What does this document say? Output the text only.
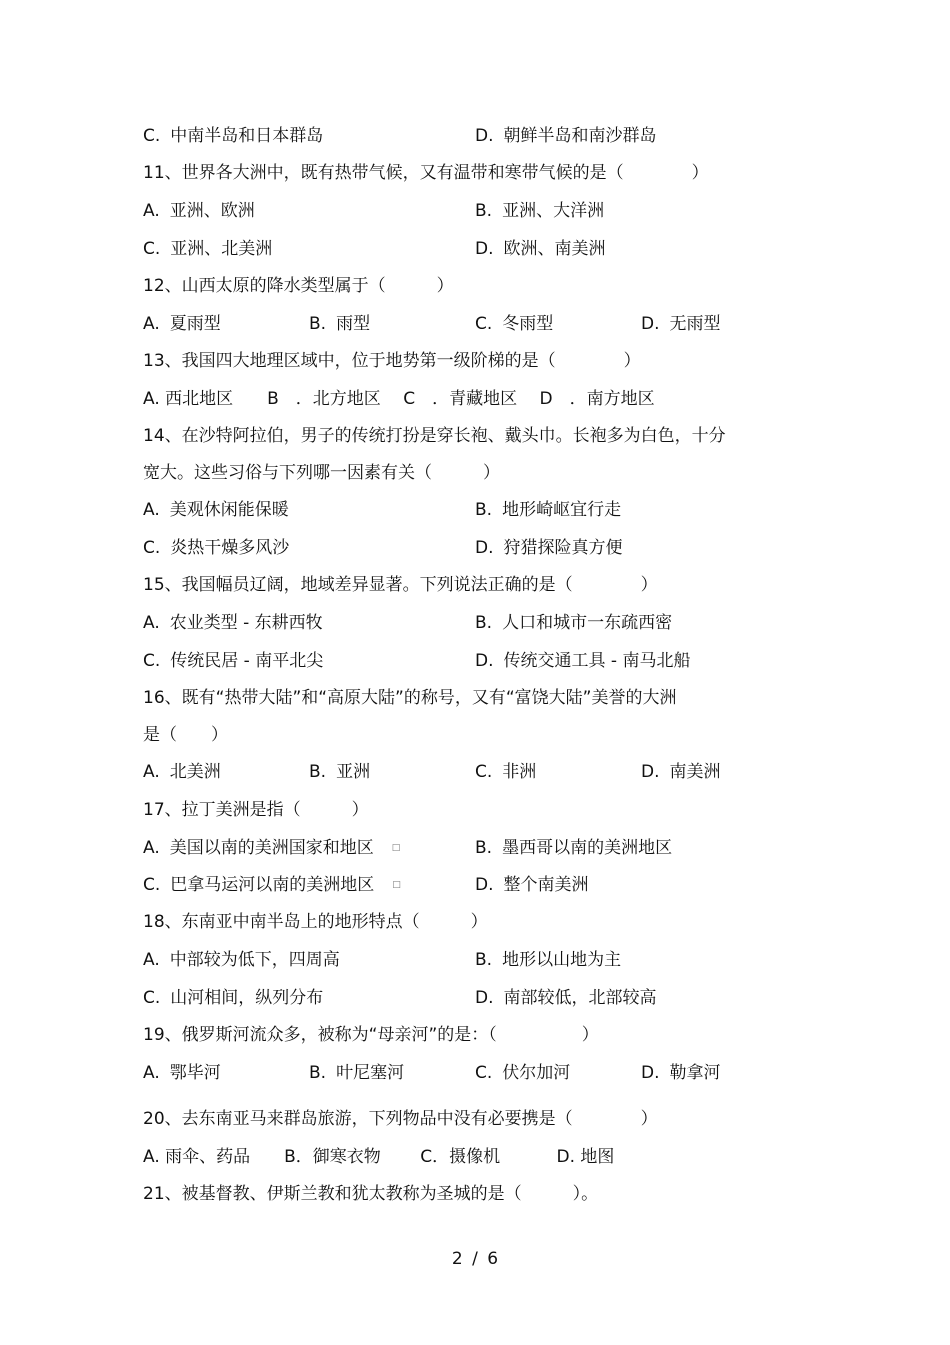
C. 中南半岛和日本群岛	D. 朝鲜半岛和南沙群岛
11、世界各大洲中，既有热带气候，又有温带和寒带气候的是（　　　　）
A. 亚洲、欧洲	B. 亚洲、大洋洲
C. 亚洲、北美洲	D. 欧洲、南美洲
12、山西太原的降水类型属于（　　　）
A. 夏雨型	B. 雨型	C. 冬雨型	D. 无雨型
13、我国四大地理区域中，位于地势第一级阶梯的是（　　　　）
A. 西北地区　　B　．北方地区　 C　．青藏地区　 D　．南方地区
14、在沙特阿拉伯，男子的传统打扮是穿长袍、戴头巾。长袍多为白色，十分
宽大。这些习俗与下列哪一因素有关（　　　）
A. 美观休闲能保暖	B. 地形崎岖宜行走
C. 炎热干燥多风沙	D. 狩猎探险真方便
15、我国幅员辽阔，地域差异显著。下列说法正确的是（　　　　）
A. 农业类型 - 东耕西牧	B. 人口和城市一东疏西密
C. 传统民居 - 南平北尖	D. 传统交通工具 - 南马北船
16、既有“热带大陆”和“高原大陆”的称号，又有“富饶大陆”美誉的大洲
是（　　）
A. 北美洲	B. 亚洲	C. 非洲	D. 南美洲
17、拉丁美洲是指（　　　）
A. 美国以南的美洲国家和地区 □	B. 墨西哥以南的美洲地区
C. 巴拿马运河以南的美洲地区 □	D. 整个南美洲
18、东南亚中南半岛上的地形特点（　　　）
A. 中部较为低下，四周高	B. 地形以山地为主
C. 山河相间，纵列分布	D. 南部较低，北部较高
19、俄罗斯河流众多，被称为“母亲河”的是：（　　　　　）
A. 鄂毕河	B. 叶尼塞河	C. 伏尔加河	D. 勒拿河
20、去东南亚马来群岛旅游，下列物品中没有必要携是（　　　　）
A. 雨伞、药品　　B．御寒衣物　　 C．摄像机　　　 D. 地图
21、被基督教、伊斯兰教和犹太教称为圣城的是（　　　）。
2 / 6
